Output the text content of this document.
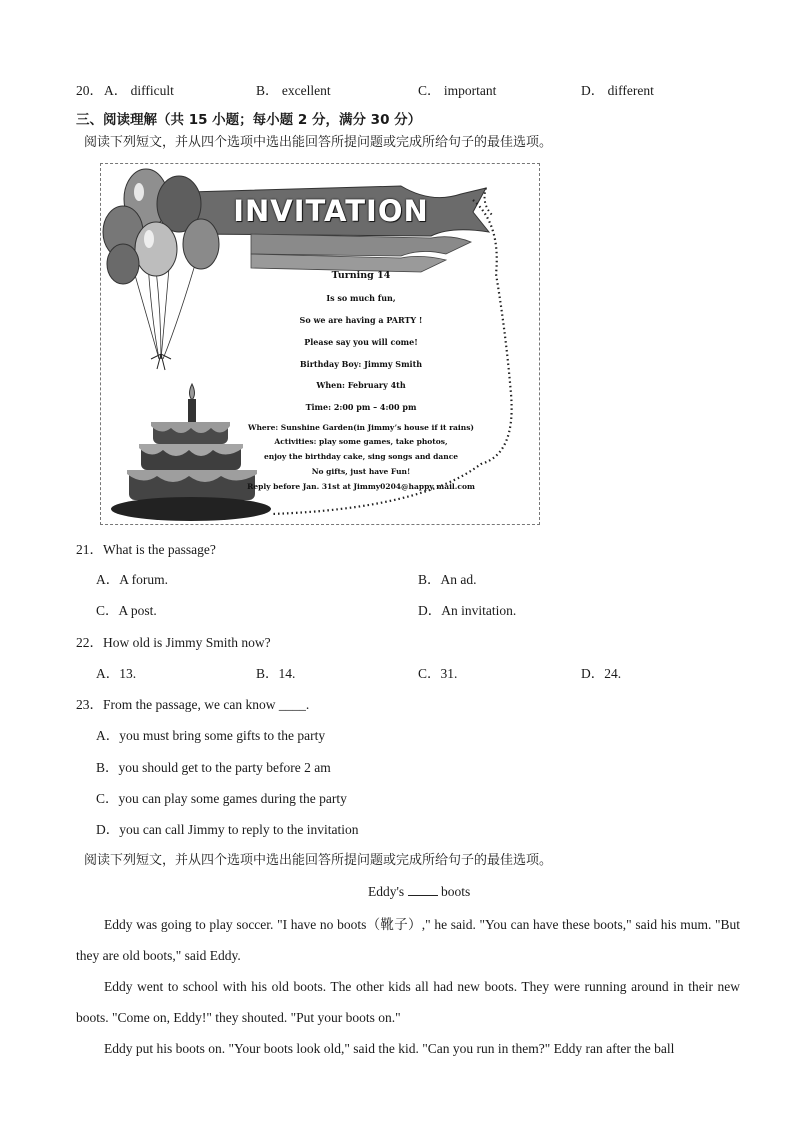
20． A． difficult	B． excellent	C． important	D． different
三、阅读理解（共 15 小题；每小题 2 分，满分 30 分）
阅读下列短文，并从四个选项中选出能回答所提问题或完成所给句子的最佳选项。
INVITATION
Turning 14
Is so much fun,
So we are having a PARTY !
Please say you will come!
Birthday Boy: Jimmy Smith
When: February 4th
Time: 2:00 pm – 4:00 pm
Where: Sunshine Garden(in Jimmy’s house if it rains)
Activities: play some games, take photos,
enjoy the birthday cake, sing songs and dance
No gifts, just have Fun!
Reply before Jan. 31st at Jimmy0204@happy mail.com
21．What is the passage?
A．A forum.	B．An ad.
C．A post.	D．An invitation.
22．How old is Jimmy Smith now?
A．13.	B．14.	C．31.	D．24.
23．From the passage, we can know ____.
A．you must bring some gifts to the party
B．you should get to the party before 2 am
C．you can play some games during the party
D．you can call Jimmy to reply to the invitation
阅读下列短文，并从四个选项中选出能回答所提问题或完成所给句子的最佳选项。
Eddy's	boots
Eddy was going to play soccer. "I have no boots（靴子）," he said. "You can have these boots," said his mum. "But they are old boots," said Eddy.
Eddy went to school with his old boots. The other kids all had new boots. They were running around in their new boots. "Come on, Eddy!" they shouted. "Put your boots on."
Eddy put his boots on. "Your boots look old," said the kid. "Can you run in them?" Eddy ran after the ball
